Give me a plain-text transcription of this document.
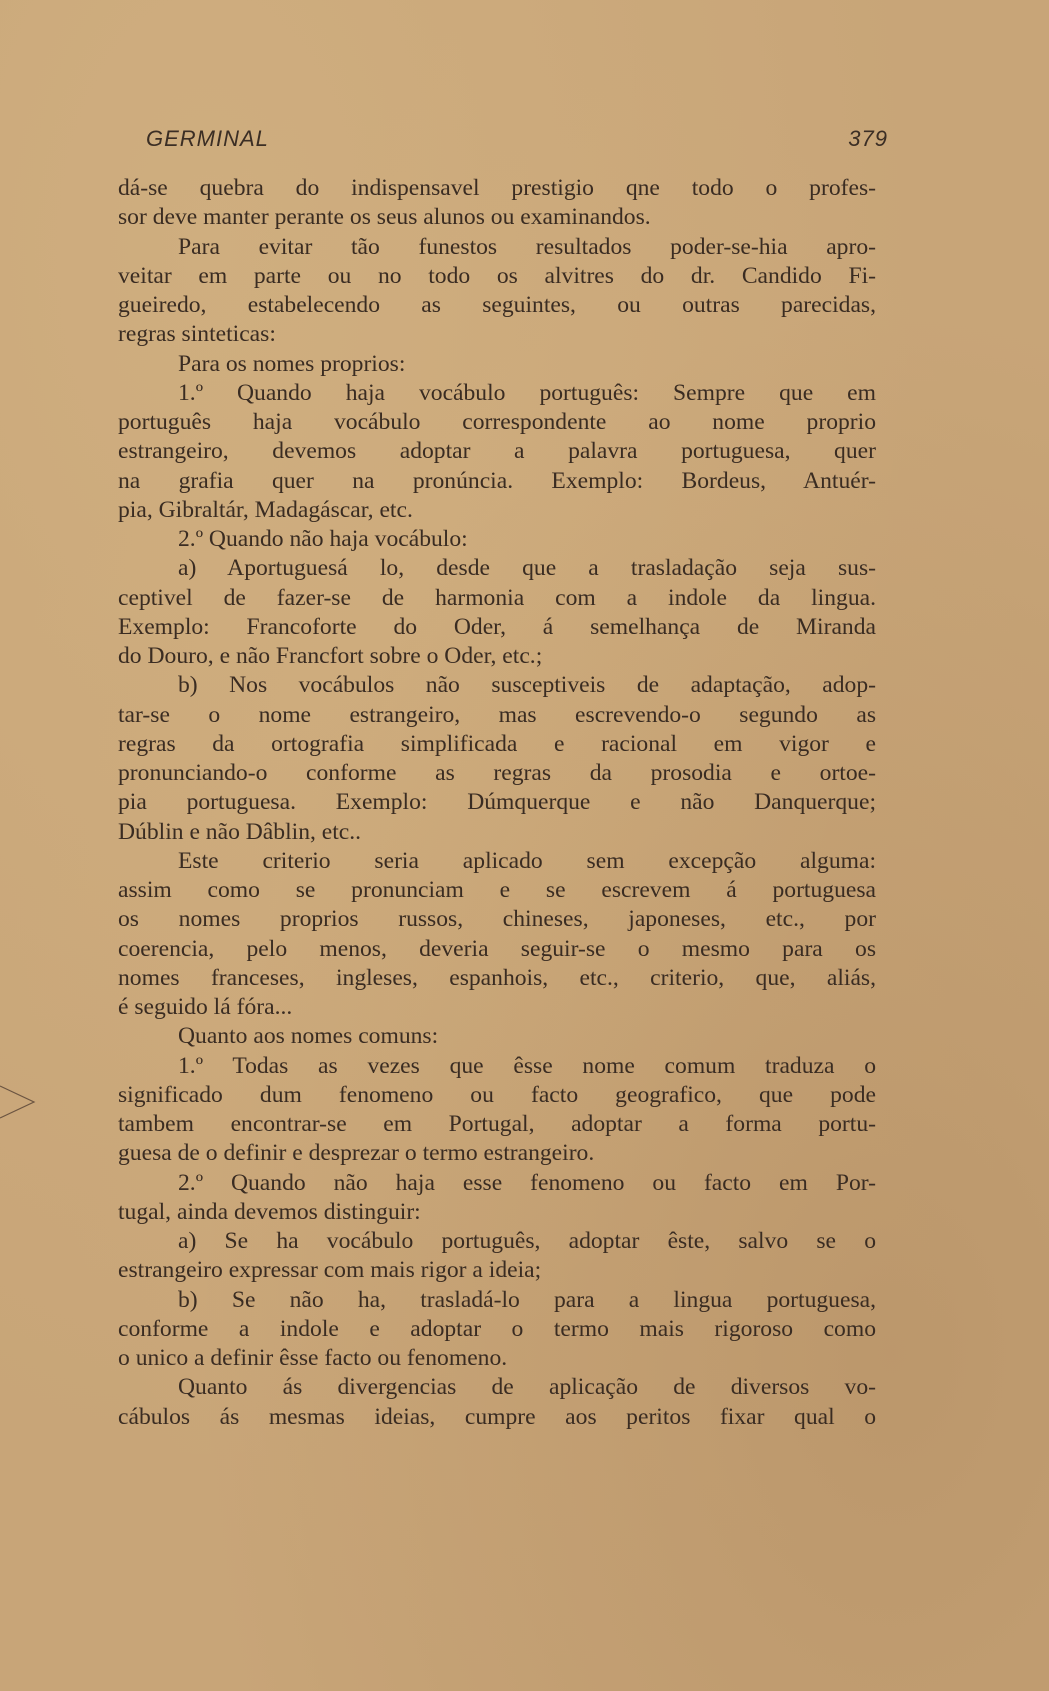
GERMINAL	379
dá-se quebra do indispensavel prestigio qne todo o profes-
sor deve manter perante os seus alunos ou examinandos.
Para evitar tão funestos resultados poder-se-hia apro-
veitar em parte ou no todo os alvitres do dr. Candido Fi-
gueiredo, estabelecendo as seguintes, ou outras parecidas,
regras sinteticas:
Para os nomes proprios:
1.º Quando haja vocábulo português: Sempre que em
português haja vocábulo correspondente ao nome proprio
estrangeiro, devemos adoptar a palavra portuguesa, quer
na grafia quer na pronúncia. Exemplo: Bordeus, Antuér-
pia, Gibraltár, Madagáscar, etc.
2.º Quando não haja vocábulo:
a) Aportuguesá lo, desde que a trasladação seja sus-
ceptivel de fazer-se de harmonia com a indole da lingua.
Exemplo: Francoforte do Oder, á semelhança de Miranda
do Douro, e não Francfort sobre o Oder, etc.;
b) Nos vocábulos não susceptiveis de adaptação, adop-
tar-se o nome estrangeiro, mas escrevendo-o segundo as
regras da ortografia simplificada e racional em vigor e
pronunciando-o conforme as regras da prosodia e ortoe-
pia portuguesa. Exemplo: Dúmquerque e não Danquerque;
Dúblin e não Dâblin, etc..
Este criterio seria aplicado sem excepção alguma:
assim como se pronunciam e se escrevem á portuguesa
os nomes proprios russos, chineses, japoneses, etc., por
coerencia, pelo menos, deveria seguir-se o mesmo para os
nomes franceses, ingleses, espanhois, etc., criterio, que, aliás,
é seguido lá fóra...
Quanto aos nomes comuns:
1.º Todas as vezes que êsse nome comum traduza o
significado dum fenomeno ou facto geografico, que pode
tambem encontrar-se em Portugal, adoptar a forma portu-
guesa de o definir e desprezar o termo estrangeiro.
2.º Quando não haja esse fenomeno ou facto em Por-
tugal, ainda devemos distinguir:
a) Se ha vocábulo português, adoptar êste, salvo se o
estrangeiro expressar com mais rigor a ideia;
b) Se não ha, trasladá-lo para a lingua portuguesa,
conforme a indole e adoptar o termo mais rigoroso como
o unico a definir êsse facto ou fenomeno.
Quanto ás divergencias de aplicação de diversos vo-
cábulos ás mesmas ideias, cumpre aos peritos fixar qual o
